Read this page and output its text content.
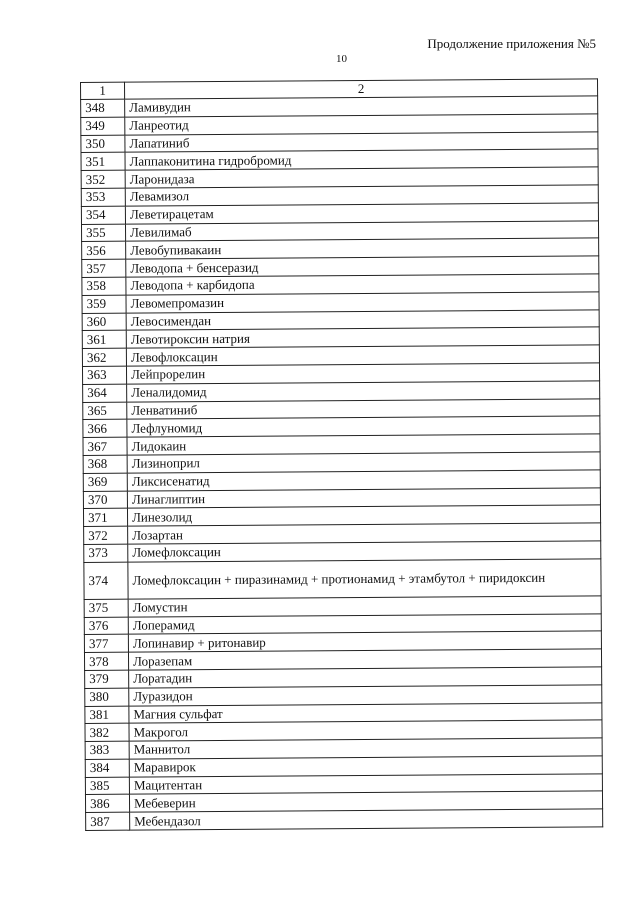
Продолжение приложения №5
10
1	2
348	Ламивудин
349	Ланреотид
350	Лапатиниб
351	Лаппаконитина гидробромид
352	Ларонидаза
353	Левамизол
354	Леветирацетам
355	Левилимаб
356	Левобупивакаин
357	Леводопа + бенсеразид
358	Леводопа + карбидопа
359	Левомепромазин
360	Левосимендан
361	Левотироксин натрия
362	Левофлоксацин
363	Лейпрорелин
364	Леналидомид
365	Ленватиниб
366	Лефлуномид
367	Лидокаин
368	Лизиноприл
369	Ликсисенатид
370	Линаглиптин
371	Линезолид
372	Лозартан
373	Ломефлоксацин
374	Ломефлоксацин + пиразинамид + протионамид + этамбутол + пиридоксин
375	Ломустин
376	Лоперамид
377	Лопинавир + ритонавир
378	Лоразепам
379	Лоратадин
380	Луразидон
381	Магния сульфат
382	Макрогол
383	Маннитол
384	Маравирок
385	Мацитентан
386	Мебеверин
387	Мебендазол
